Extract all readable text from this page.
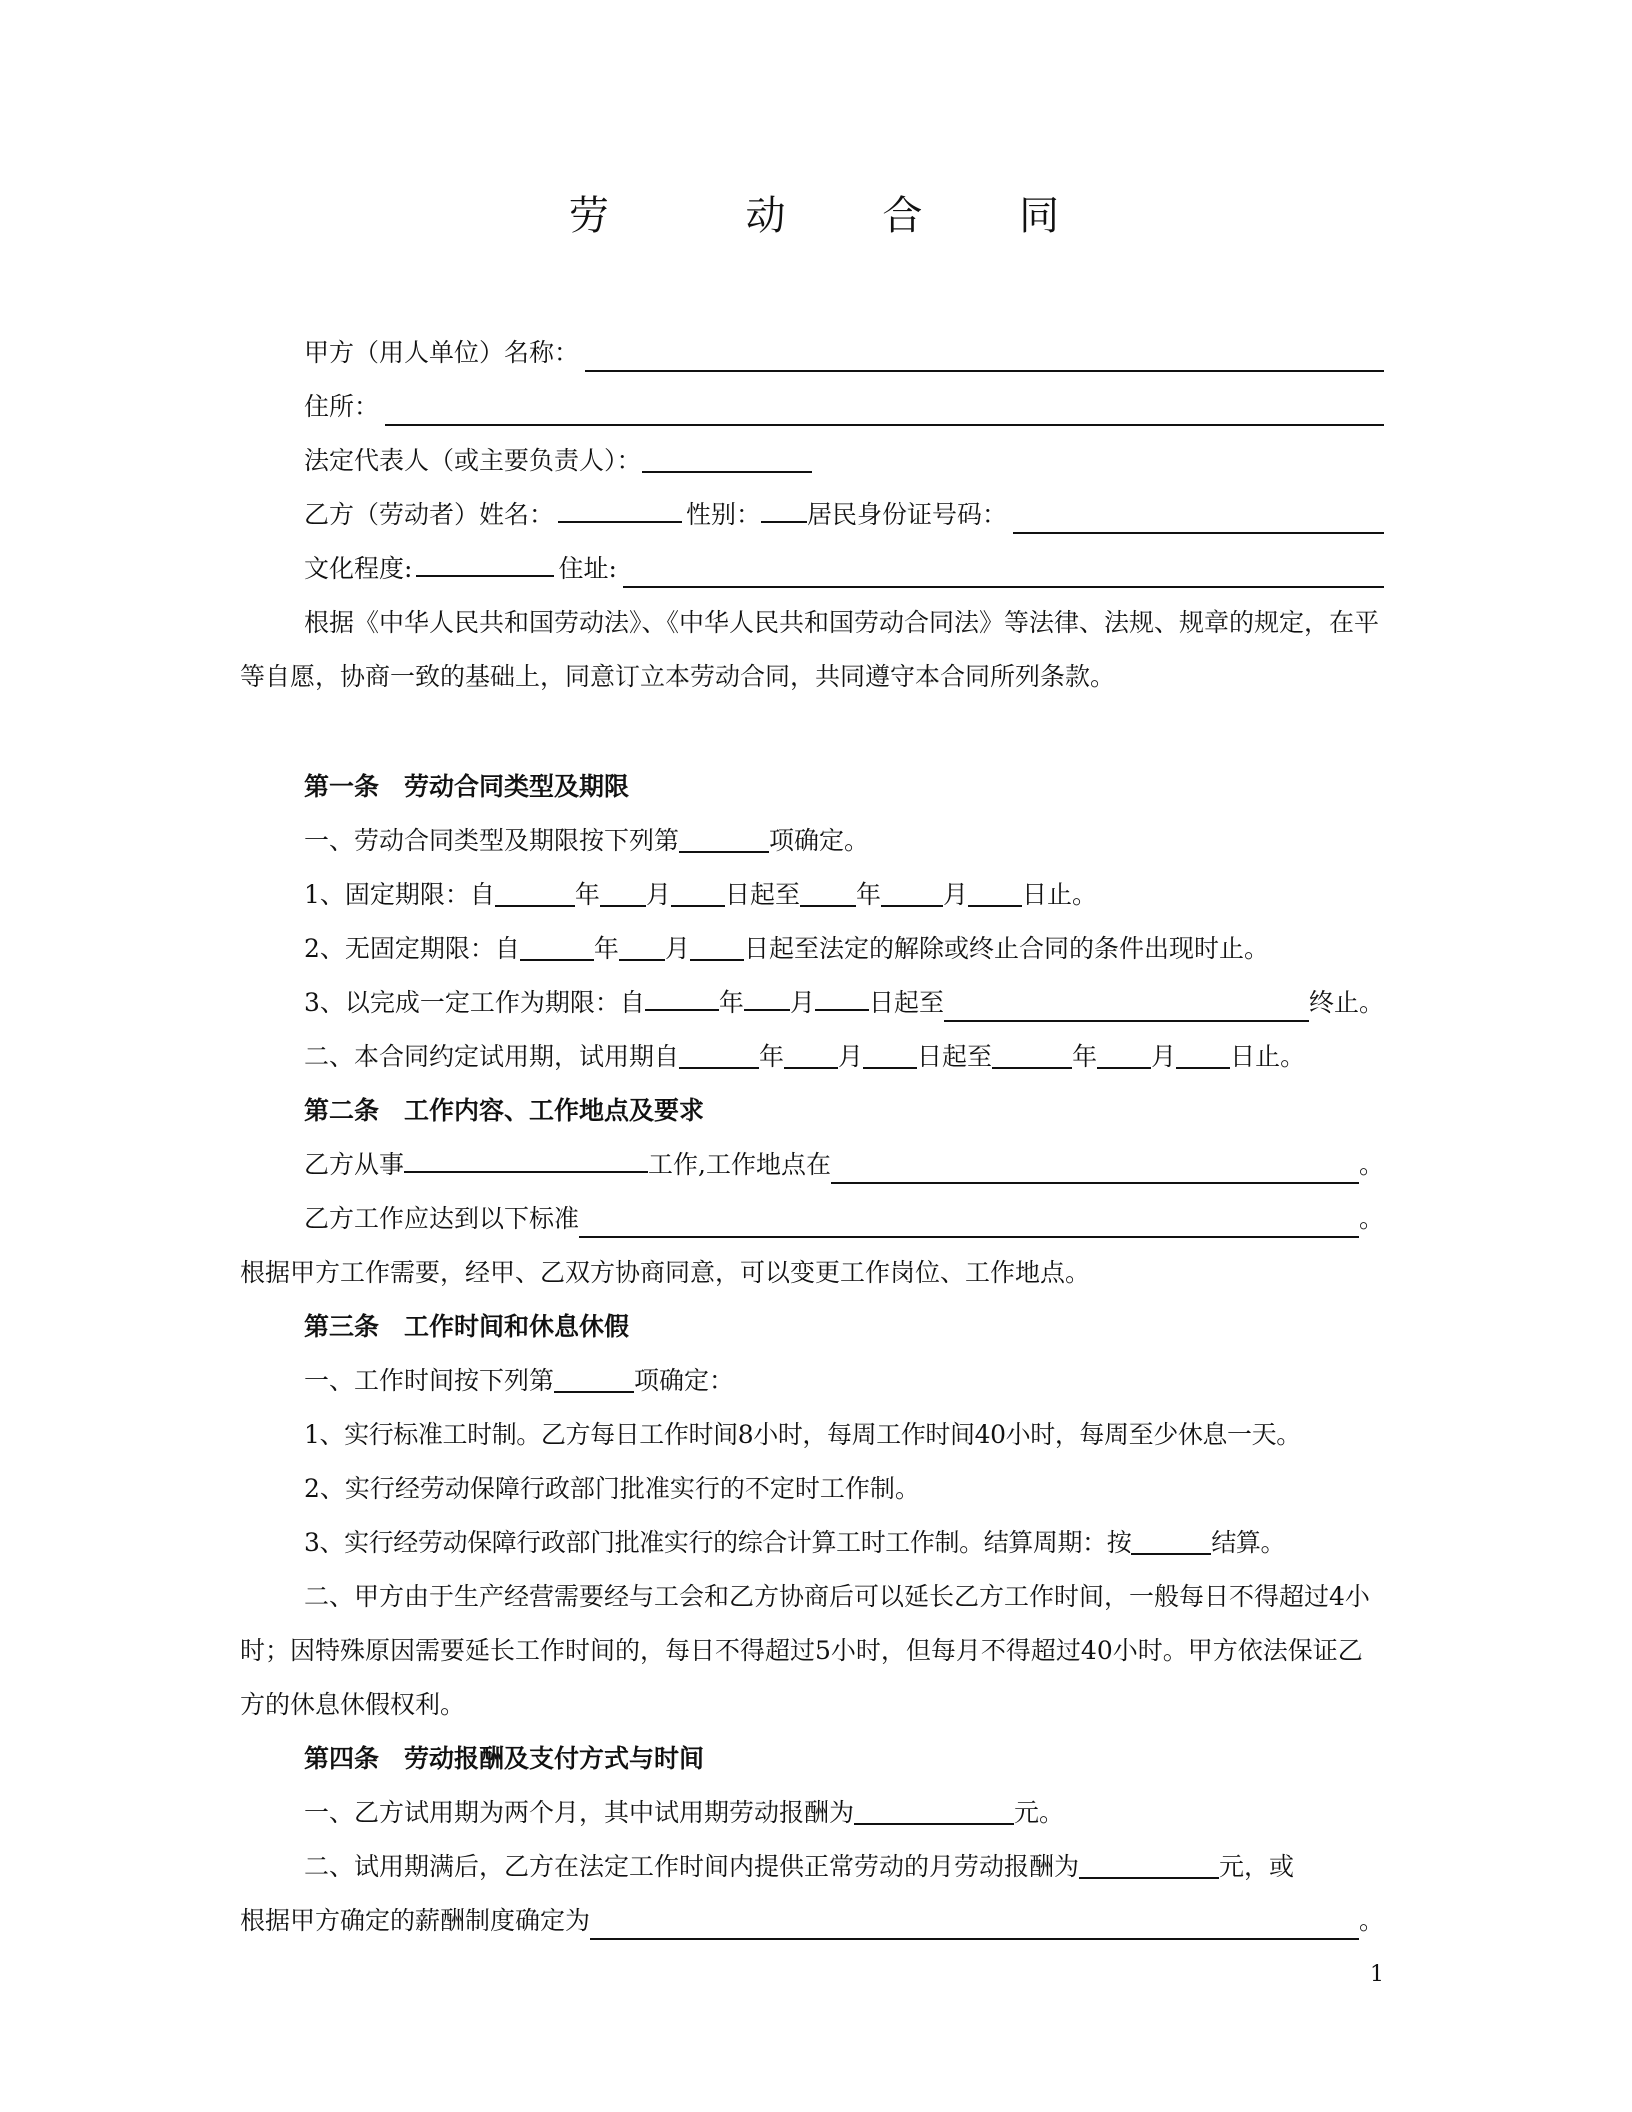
劳	动 合 同
甲方（用人单位）名称：
住所：
法定代表人（或主要负责人）：
乙方（劳动者）姓名：	性别： 居民身份证号码：
文化程度:	住址:
根据《中华人民共和国劳动法》、《中华人民共和国劳动合同法》等法律、法规、规章的规定，在平等自愿，协商一致的基础上，同意订立本劳动合同，共同遵守本合同所列条款。
第一条　劳动合同类型及期限
一、劳动合同类型及期限按下列第	项确定。
1、固定期限：自	年 月 日起至 年 月 日止。
2、无固定期限：自	年 月 日起至法定的解除或终止合同的条件出现时止。
3、以完成一定工作为期限：自	年 月 日起至	终止。
二、本合同约定试用期，试用期自	年 月 日起至	年 月 日止。
第二条　工作内容、工作地点及要求
乙方从事	工作,工作地点在	。
乙方工作应达到以下标准	。
根据甲方工作需要，经甲、乙双方协商同意，可以变更工作岗位、工作地点。
第三条　工作时间和休息休假
一、工作时间按下列第	项确定：
1、实行标准工时制。乙方每日工作时间8小时，每周工作时间40小时，每周至少休息一天。
2、实行经劳动保障行政部门批准实行的不定时工作制。
3、实行经劳动保障行政部门批准实行的综合计算工时工作制。结算周期：按	结算。
二、甲方由于生产经营需要经与工会和乙方协商后可以延长乙方工作时间，一般每日不得超过4小时；因特殊原因需要延长工作时间的，每日不得超过5小时，但每月不得超过40小时。甲方依法保证乙方的休息休假权利。
第四条　劳动报酬及支付方式与时间
一、乙方试用期为两个月，其中试用期劳动报酬为	元。
二、试用期满后，乙方在法定工作时间内提供正常劳动的月劳动报酬为	元，或
根据甲方确定的薪酬制度确定为	。
1
